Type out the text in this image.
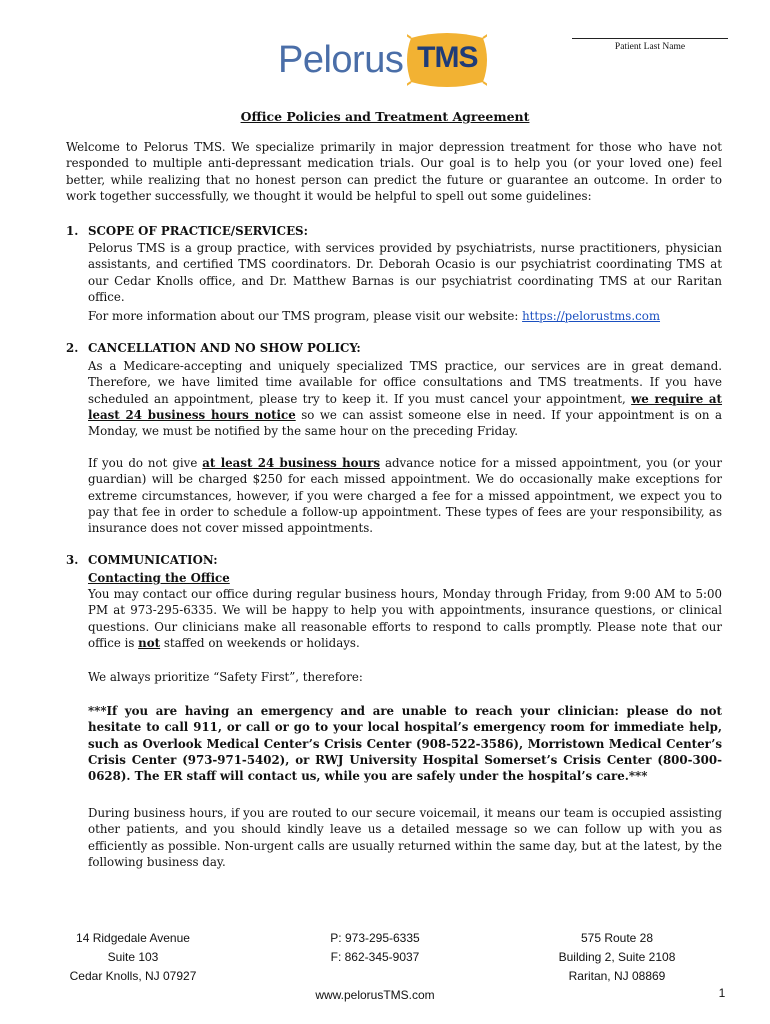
Pelorus TMS	Patient Last Name
Office Policies and Treatment Agreement
Welcome to Pelorus TMS. We specialize primarily in major depression treatment for those who have not responded to multiple anti-depressant medication trials. Our goal is to help you (or your loved one) feel better, while realizing that no honest person can predict the future or guarantee an outcome. In order to work together successfully, we thought it would be helpful to spell out some guidelines:
1. SCOPE OF PRACTICE/SERVICES:
Pelorus TMS is a group practice, with services provided by psychiatrists, nurse practitioners, physician assistants, and certified TMS coordinators. Dr. Deborah Ocasio is our psychiatrist coordinating TMS at our Cedar Knolls office, and Dr. Matthew Barnas is our psychiatrist coordinating TMS at our Raritan office.
For more information about our TMS program, please visit our website: https://pelorustms.com
2. CANCELLATION AND NO SHOW POLICY:
As a Medicare-accepting and uniquely specialized TMS practice, our services are in great demand. Therefore, we have limited time available for office consultations and TMS treatments. If you have scheduled an appointment, please try to keep it. If you must cancel your appointment, we require at least 24 business hours notice so we can assist someone else in need. If your appointment is on a Monday, we must be notified by the same hour on the preceding Friday.
If you do not give at least 24 business hours advance notice for a missed appointment, you (or your guardian) will be charged $250 for each missed appointment. We do occasionally make exceptions for extreme circumstances, however, if you were charged a fee for a missed appointment, we expect you to pay that fee in order to schedule a follow-up appointment. These types of fees are your responsibility, as insurance does not cover missed appointments.
3. COMMUNICATION:
Contacting the Office
You may contact our office during regular business hours, Monday through Friday, from 9:00 AM to 5:00 PM at 973-295-6335. We will be happy to help you with appointments, insurance questions, or clinical questions. Our clinicians make all reasonable efforts to respond to calls promptly. Please note that our office is not staffed on weekends or holidays.
We always prioritize “Safety First”, therefore:
***If you are having an emergency and are unable to reach your clinician: please do not hesitate to call 911, or call or go to your local hospital’s emergency room for immediate help, such as Overlook Medical Center’s Crisis Center (908-522-3586), Morristown Medical Center’s Crisis Center (973-971-5402), or RWJ University Hospital Somerset’s Crisis Center (800-300-0628). The ER staff will contact us, while you are safely under the hospital’s care.***
During business hours, if you are routed to our secure voicemail, it means our team is occupied assisting other patients, and you should kindly leave us a detailed message so we can follow up with you as efficiently as possible. Non-urgent calls are usually returned within the same day, but at the latest, by the following business day.
14 Ridgedale Avenue
Suite 103
Cedar Knolls, NJ 07927
P: 973-295-6335
F: 862-345-9037
575 Route 28
Building 2, Suite 2108
Raritan, NJ 08869
www.pelorusTMS.com	1
